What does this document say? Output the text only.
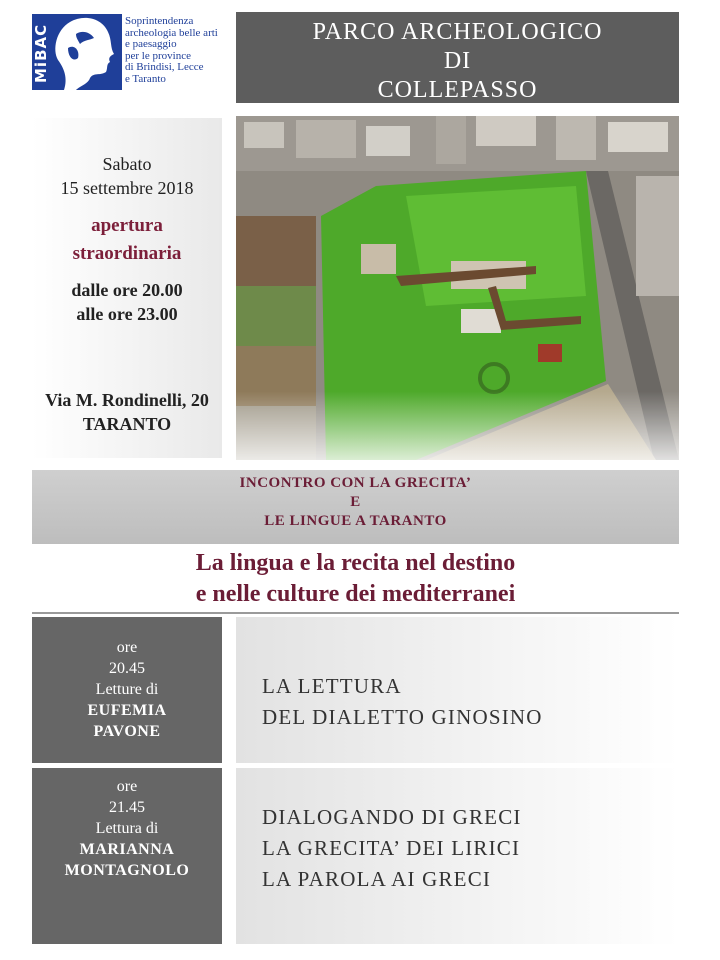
MiBAC
Soprintendenza
archeologia belle arti
e paesaggio
per le province
di Brindisi, Lecce
e Taranto
PARCO ARCHEOLOGICO
DI
COLLEPASSO
Sabato
15 settembre 2018
apertura
straordinaria
dalle ore 20.00
alle ore 23.00
Via M. Rondinelli, 20
TARANTO
INCONTRO CON LA GRECITA’
E
LE LINGUE A TARANTO
La lingua e la recita nel destino
e nelle culture dei mediterranei
ore
20.45
Letture di
EUFEMIA
PAVONE
LA LETTURA
DEL DIALETTO GINOSINO
ore
21.45
Lettura di
MARIANNA
MONTAGNOLO
DIALOGANDO DI GRECI
LA GRECITA’ DEI LIRICI
LA PAROLA AI GRECI
